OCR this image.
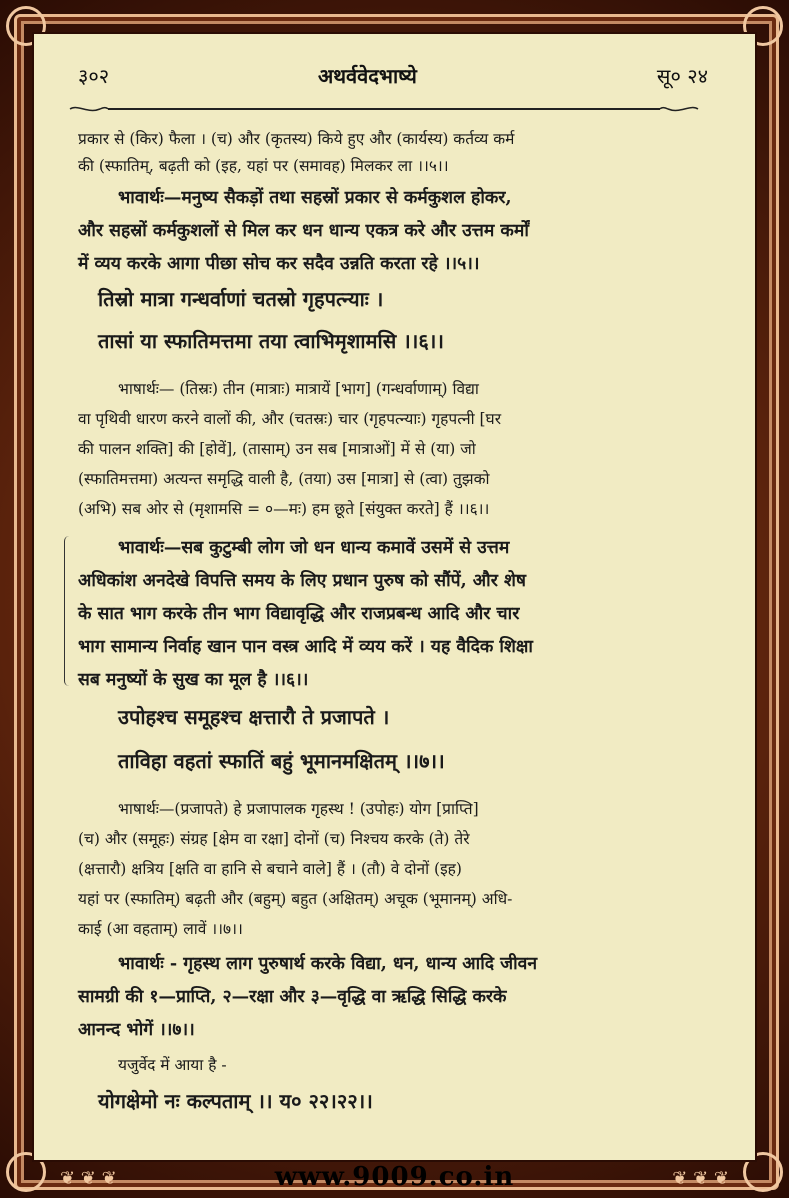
३०२	अथर्ववेदभाष्ये	सू० २४
प्रकार से (किर) फैला । (च) और (कृतस्य) किये हुए और (कार्यस्य) कर्तव्य कर्म
की (स्फातिम्, बढ़ती को (इह, यहां पर (समावह) मिलकर ला ।।५।।
भावार्थः—मनुष्य सैकड़ों तथा सहस्रों प्रकार से कर्मकुशल होकर,
और सहस्रों कर्मकुशलों से मिल कर धन धान्य एकत्र करे और उत्तम कर्मों
में व्यय करके आगा पीछा सोच कर सदैव उन्नति करता रहे ।।५।।
तिस्रो मात्रा गन्धर्वाणां चतस्रो गृहपत्न्याः ।
तासां या स्फातिमत्तमा तया त्वाभिमृशामसि ।।६।।
भाषार्थः— (तिस्रः) तीन (मात्राः) मात्रायें [भाग] (गन्धर्वाणाम्) विद्या
वा पृथिवी धारण करने वालों की, और (चतस्रः) चार (गृहपत्न्याः) गृहपत्नी [घर
की पालन शक्ति] की [होवें], (तासाम्) उन सब [मात्राओं] में से (या) जो
(स्फातिमत्तमा) अत्यन्त समृद्धि वाली है, (तया) उस [मात्रा] से (त्वा) तुझको
(अभि) सब ओर से (मृशामसि = ०—मः) हम छूते [संयुक्त करते] हैं ।।६।।
भावार्थः—सब कुटुम्बी लोग जो धन धान्य कमावें उसमें से उत्तम
अधिकांश अनदेखे विपत्ति समय के लिए प्रधान पुरुष को सौंपें, और शेष
के सात भाग करके तीन भाग विद्यावृद्धि और राजप्रबन्ध आदि और चार
भाग सामान्य निर्वाह खान पान वस्त्र आदि में व्यय करें । यह वैदिक शिक्षा
सब मनुष्यों के सुख का मूल है ।।६।।
उपोहश्च समूहश्च क्षत्तारौ ते प्रजापते ।
ताविहा वहतां स्फातिं बहुं भूमानमक्षितम् ।।७।।
भाषार्थः—(प्रजापते) हे प्रजापालक गृहस्थ ! (उपोहः) योग [प्राप्ति]
(च) और (समूहः) संग्रह [क्षेम वा रक्षा] दोनों (च) निश्चय करके (ते) तेरे
(क्षत्तारौ) क्षत्रिय [क्षति वा हानि से बचाने वाले] हैं । (तौ) वे दोनों (इह)
यहां पर (स्फातिम्) बढ़ती और (बहुम्) बहुत (अक्षितम्) अचूक (भूमानम्) अधि-
काई (आ वहताम्) लावें ।।७।।
भावार्थः - गृहस्थ लाग पुरुषार्थ करके विद्या, धन, धान्य आदि जीवन
सामग्री की १—प्राप्ति, २—रक्षा और ३—वृद्धि वा ऋद्धि सिद्धि करके
आनन्द भोगें ।।७।।
यजुर्वेद में आया है -
योगक्षेमो नः कल्पताम् ।। य० २२।२२।।
❦ ❦ ❦	❦ ❦ ❦
www.9009.co.in
